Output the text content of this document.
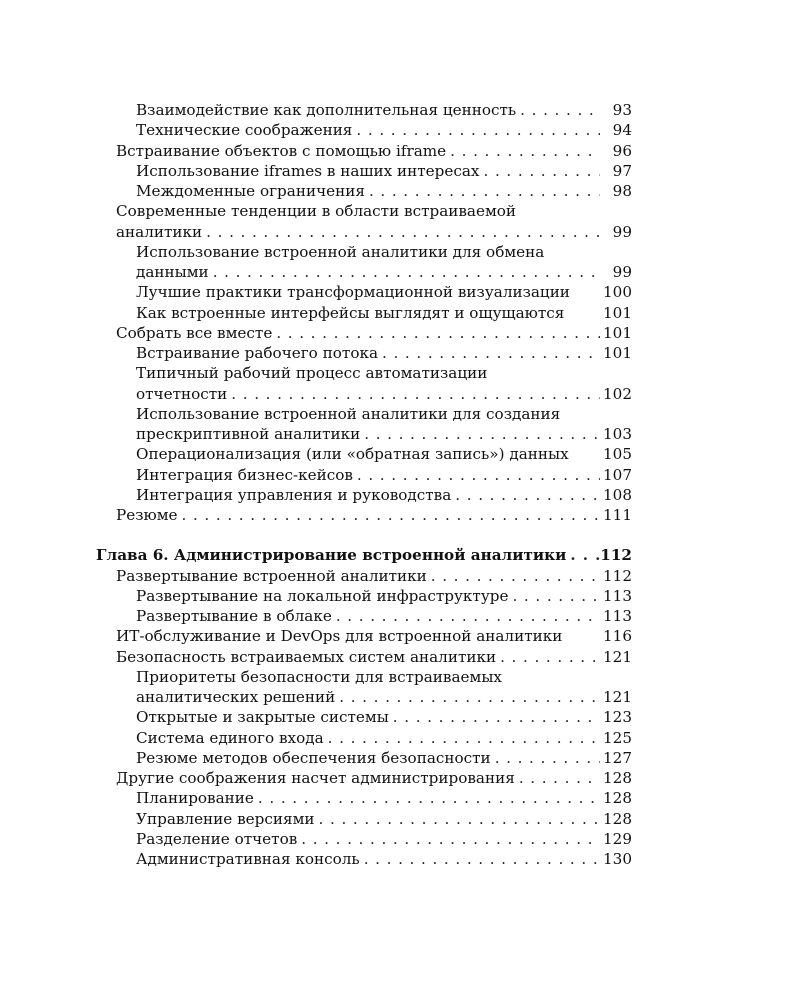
Взаимодействие как дополнительная ценность . . .	93
Технические соображения . . .	94
Встраивание объектов с помощью iframe . . .	96
Использование iframes в наших интересах . . .	97
Междоменные ограничения . . .	98
Современные тенденции в области встраиваемой
аналитики . . .	99
Использование встроенной аналитики для обмена
данными . . .	99
Лучшие практики трансформационной визуализации 100
Как встроенные интерфейсы выглядят и ощущаются	101
Собрать все вместе . . .	101
Встраивание рабочего потока . . .	101
Типичный рабочий процесс автоматизации
отчетности . . .	102
Использование встроенной аналитики для создания
прескриптивной аналитики . . .	103
Операционализация (или «обратная запись») данных 105
Интеграция бизнес-кейсов . . .	107
Интеграция управления и руководства . . .	108
Резюме . . .	111
Глава 6. Администрирование встроенной аналитики . . . 112
Развертывание встроенной аналитики . . .	112
Развертывание на локальной инфраструктуре . . .	113
Развертывание в облаке . . .	113
ИТ-обслуживание и DevOps для встроенной аналитики	116
Безопасность встраиваемых систем аналитики . . .	121
Приоритеты безопасности для встраиваемых
аналитических решений . . .	121
Открытые и закрытые системы . . .	123
Система единого входа . . .	125
Резюме методов обеспечения безопасности . . .	127
Другие соображения насчет администрирования . . .	128
Планирование . . .	128
Управление версиями . . .	128
Разделение отчетов . . .	129
Административная консоль . . .	130
